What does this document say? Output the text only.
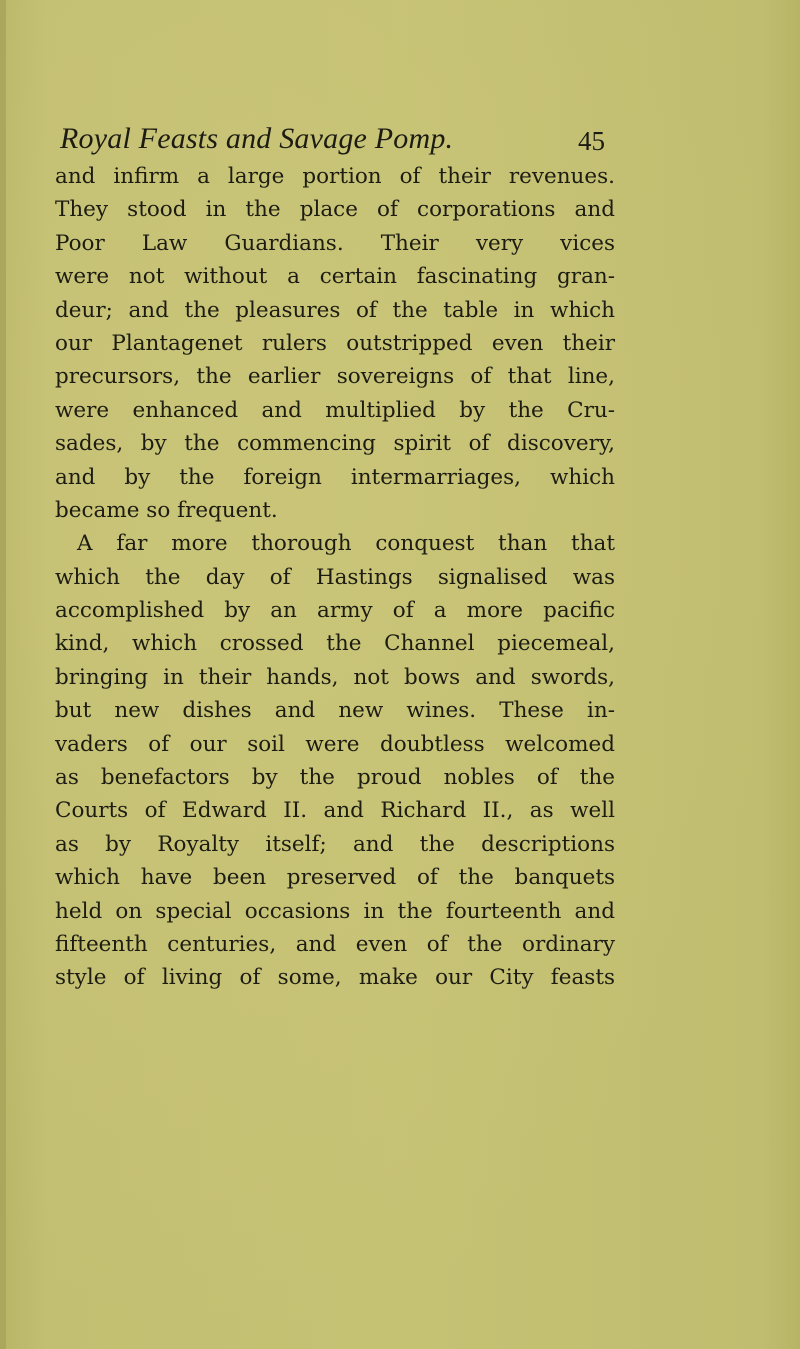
Royal Feasts and Savage Pomp.	45
and infirm a large portion of their revenues.
They stood in the place of corporations and
Poor Law Guardians. Their very vices
were not without a certain fascinating gran-
deur; and the pleasures of the table in which
our Plantagenet rulers outstripped even their
precursors, the earlier sovereigns of that line,
were enhanced and multiplied by the Cru-
sades, by the commencing spirit of discovery,
and by the foreign intermarriages, which
became so frequent.
A far more thorough conquest than that
which the day of Hastings signalised was
accomplished by an army of a more pacific
kind, which crossed the Channel piecemeal,
bringing in their hands, not bows and swords,
but new dishes and new wines. These in-
vaders of our soil were doubtless welcomed
as benefactors by the proud nobles of the
Courts of Edward II. and Richard II., as well
as by Royalty itself; and the descriptions
which have been preserved of the banquets
held on special occasions in the fourteenth and
fifteenth centuries, and even of the ordinary
style of living of some, make our City feasts
